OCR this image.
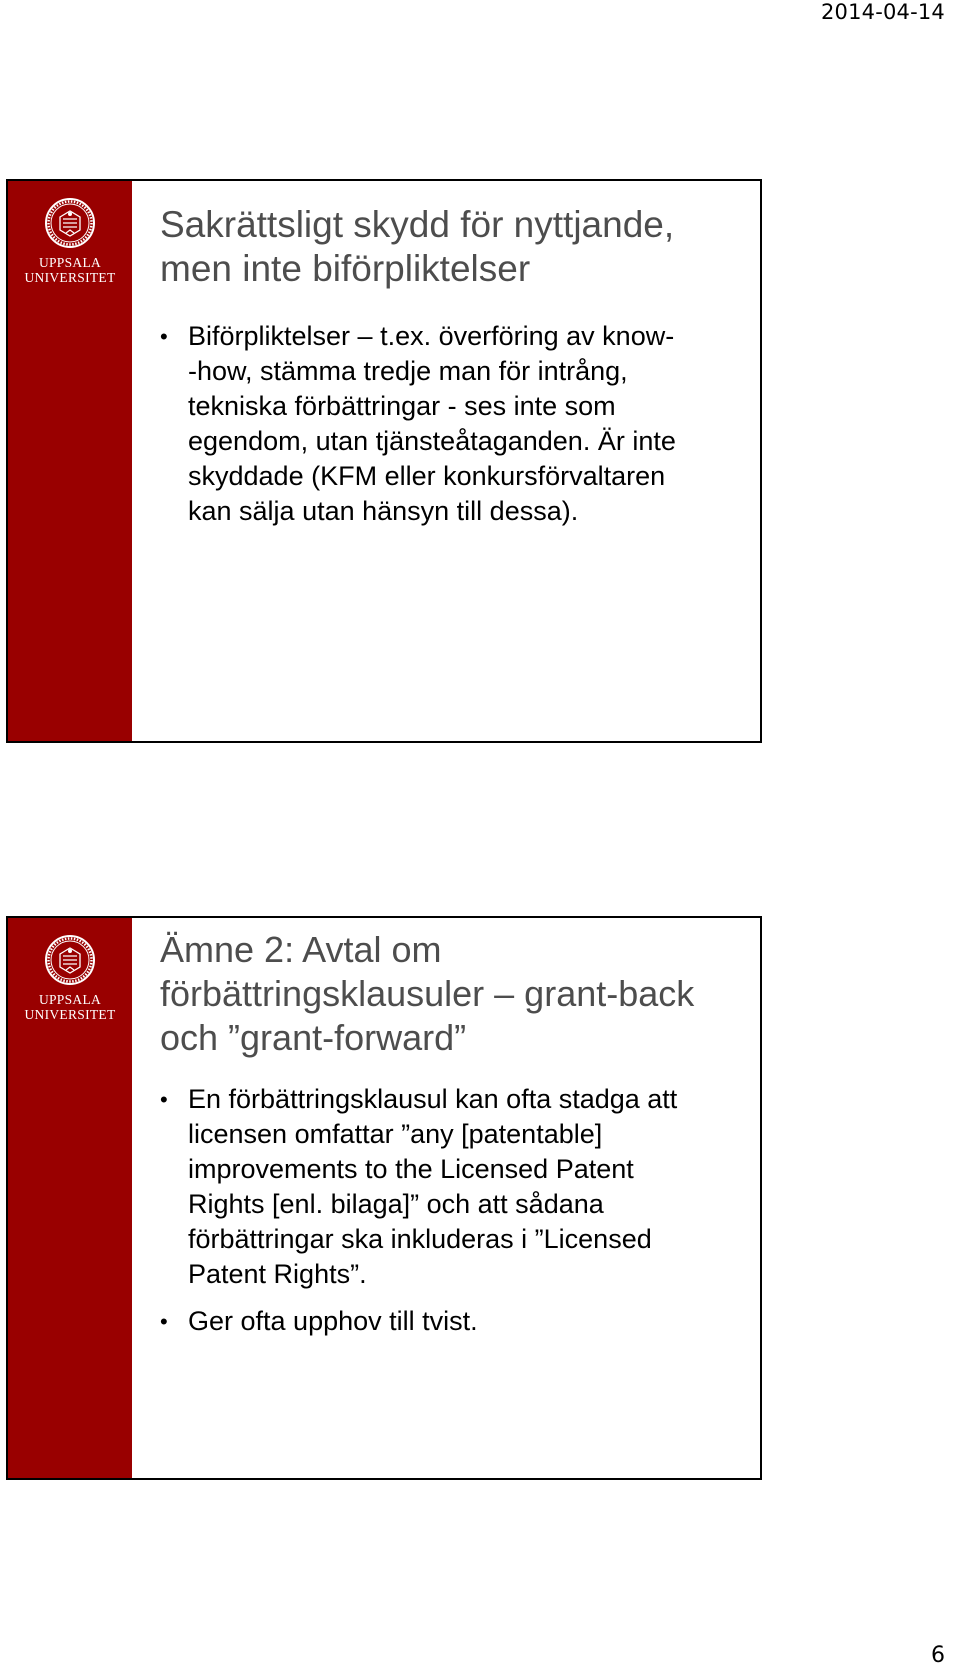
2014-04-14
UPPSALA
UNIVERSITET
Sakrättsligt skydd för nyttjande,
men inte biförpliktelser
• Biförpliktelser – t.ex. överföring av know-
-how, stämma tredje man för intrång,
tekniska förbättringar - ses inte som
egendom, utan tjänsteåtaganden. Är inte
skyddade (KFM eller konkursförvaltaren
kan sälja utan hänsyn till dessa).
UPPSALA
UNIVERSITET
Ämne 2: Avtal om
förbättringsklausuler – grant-back
och ”grant-forward”
• En förbättringsklausul kan ofta stadga att
licensen omfattar ”any [patentable]
improvements to the Licensed Patent
Rights [enl. bilaga]” och att sådana
förbättringar ska inkluderas i ”Licensed
Patent Rights”.
• Ger ofta upphov till tvist.
6
